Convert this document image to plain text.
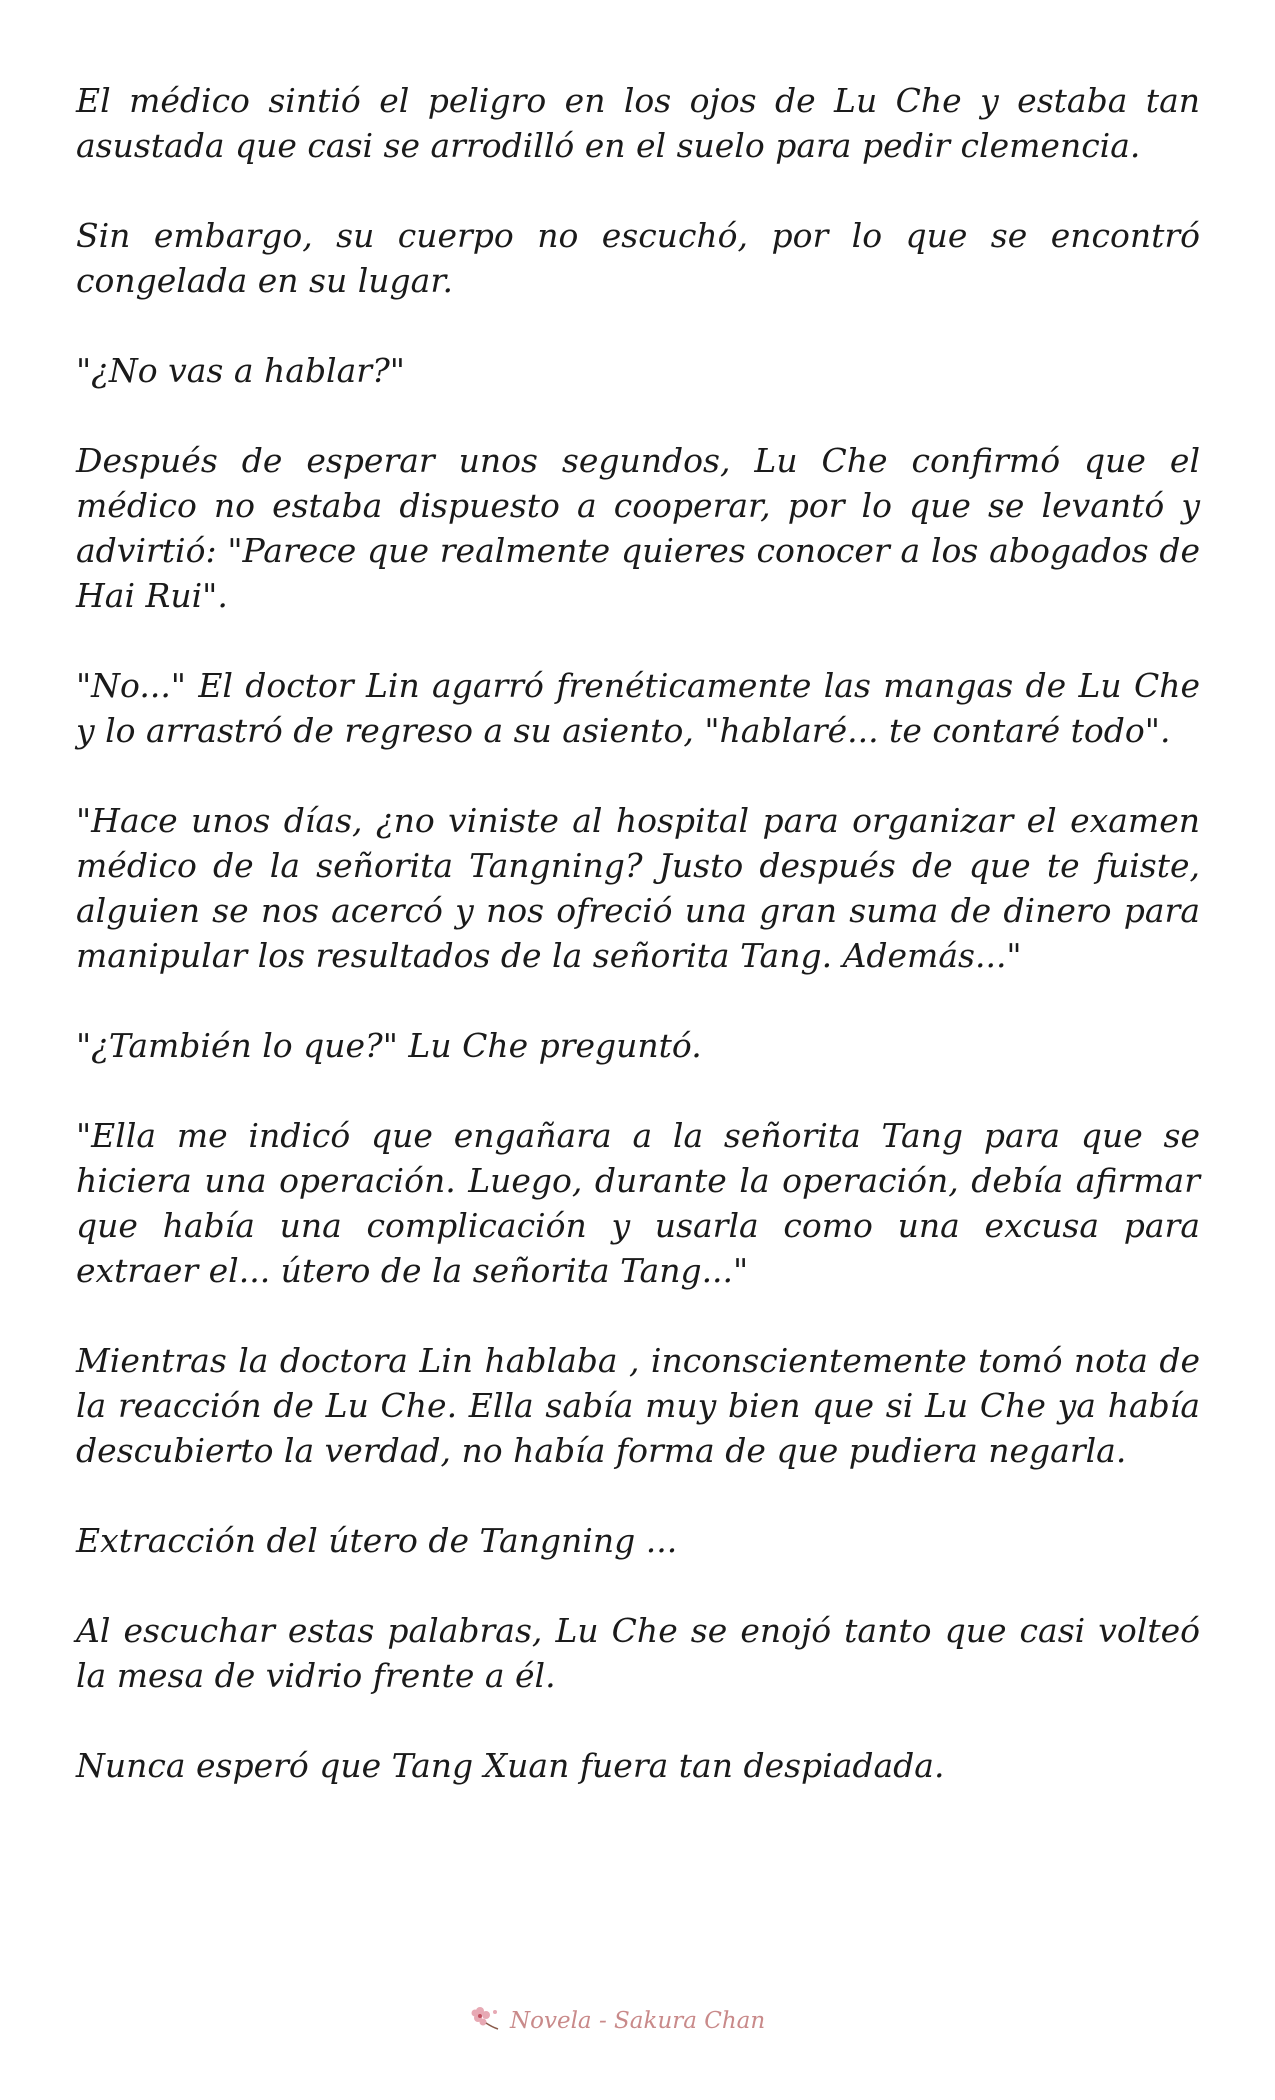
El médico sintió el peligro en los ojos de Lu Che y estaba tan asustada que casi se arrodilló en el suelo para pedir clemencia.

Sin embargo, su cuerpo no escuchó, por lo que se encontró congelada en su lugar.

"¿No vas a hablar?"

Después de esperar unos segundos, Lu Che confirmó que el médico no estaba dispuesto a cooperar, por lo que se levantó y advirtió: "Parece que realmente quieres conocer a los abogados de Hai Rui".

"No..." El doctor Lin agarró frenéticamente las mangas de Lu Che y lo arrastró de regreso a su asiento, "hablaré... te contaré todo".

"Hace unos días, ¿no viniste al hospital para organizar el examen médico de la señorita Tangning? Justo después de que te fuiste, alguien se nos acercó y nos ofreció una gran suma de dinero para manipular los resultados de la señorita Tang. Además..."

"¿También lo que?" Lu Che preguntó.

"Ella me indicó que engañara a la señorita Tang para que se hiciera una operación. Luego, durante la operación, debía afirmar que había una complicación y usarla como una excusa para extraer el... útero de la señorita Tang..."

Mientras la doctora Lin hablaba , inconscientemente tomó nota de la reacción de Lu Che. Ella sabía muy bien que si Lu Che ya había descubierto la verdad, no había forma de que pudiera negarla.

Extracción del útero de Tangning ...

Al escuchar estas palabras, Lu Che se enojó tanto que casi volteó la mesa de vidrio frente a él.

Nunca esperó que Tang Xuan fuera tan despiadada.

Novela - Sakura Chan
